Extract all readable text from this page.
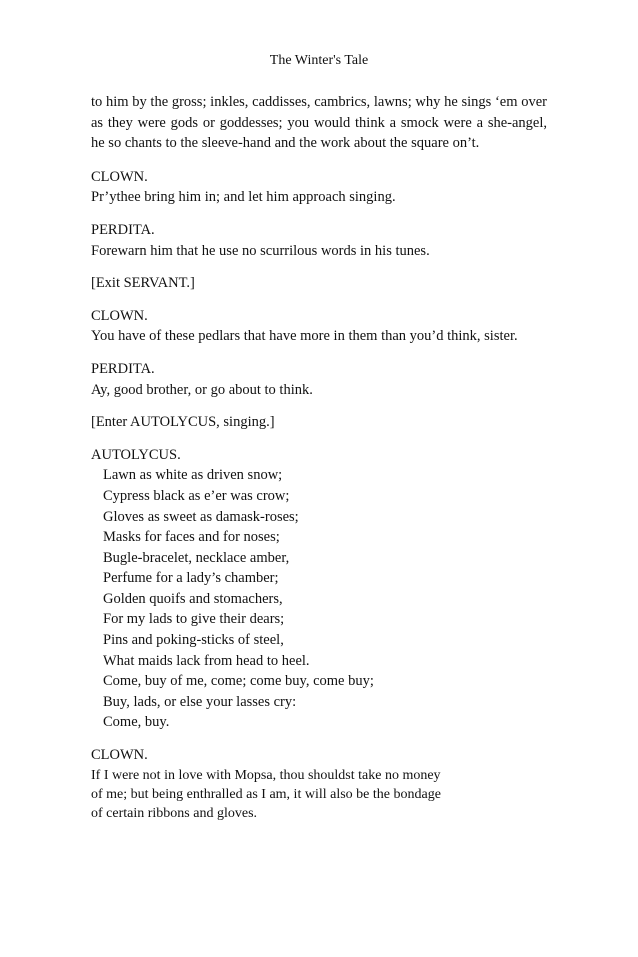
The Winter's Tale

to him by the gross; inkles, caddisses, cambrics, lawns; why he sings ‘em over as they were gods or goddesses; you would think a smock were a she-angel, he so chants to the sleeve-hand and the work about the square on’t.

CLOWN.
Pr’ythee bring him in; and let him approach singing.
PERDITA.
Forewarn him that he use no scurrilous words in his tunes.
[Exit SERVANT.]
CLOWN.
You have of these pedlars that have more in them than you’d think, sister.
PERDITA.
Ay, good brother, or go about to think.
[Enter AUTOLYCUS, singing.]
AUTOLYCUS.
Lawn as white as driven snow;
Cypress black as e’er was crow;
Gloves as sweet as damask-roses;
Masks for faces and for noses;
Bugle-bracelet, necklace amber,
Perfume for a lady’s chamber;
Golden quoifs and stomachers,
For my lads to give their dears;
Pins and poking-sticks of steel,
What maids lack from head to heel.
Come, buy of me, come; come buy, come buy;
Buy, lads, or else your lasses cry:
Come, buy.
CLOWN.
If I were not in love with Mopsa, thou shouldst take no money
of me; but being enthralled as I am, it will also be the bondage
of certain ribbons and gloves.
